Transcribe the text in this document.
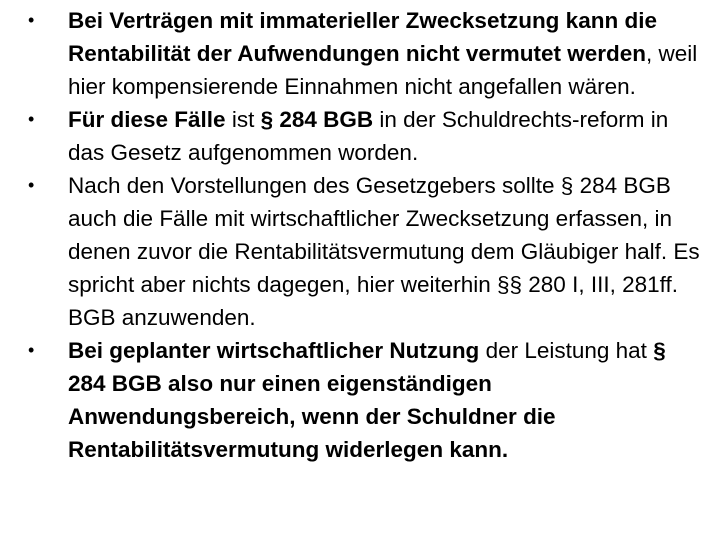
• Bei Verträgen mit immaterieller Zwecksetzung kann die Rentabilität der Aufwendungen nicht vermutet werden, weil hier kompensierende Einnahmen nicht angefallen wären.
• Für diese Fälle ist § 284 BGB in der Schuldrechts-reform in das Gesetz aufgenommen worden.
• Nach den Vorstellungen des Gesetzgebers sollte § 284 BGB auch die Fälle mit wirtschaftlicher Zwecksetzung erfassen, in denen zuvor die Rentabilitätsvermutung dem Gläubiger half. Es spricht aber nichts dagegen, hier weiterhin §§ 280 I, III, 281ff. BGB anzuwenden.
• Bei geplanter wirtschaftlicher Nutzung der Leistung hat § 284 BGB also nur einen eigenständigen Anwendungsbereich, wenn der Schuldner die Rentabilitätsvermutung widerlegen kann.
